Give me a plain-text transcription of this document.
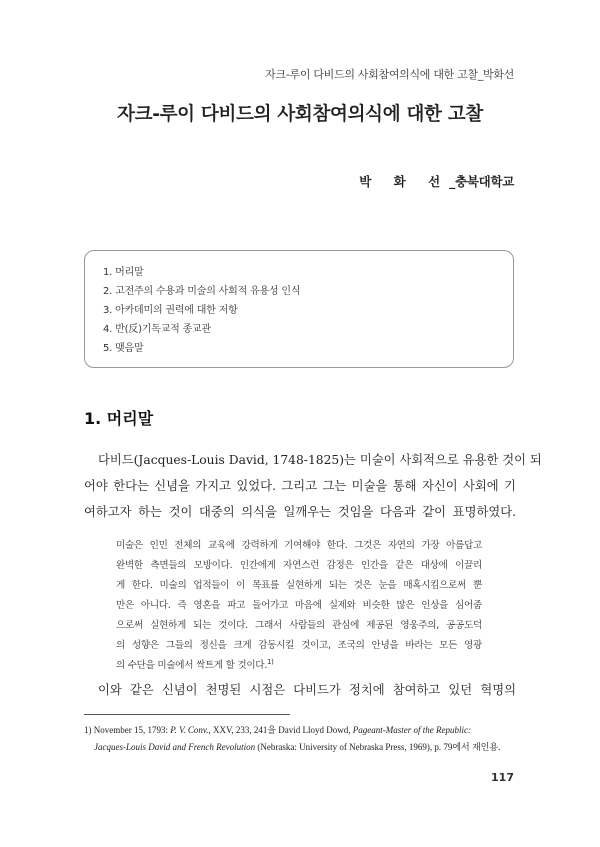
자크-루이 다비드의 사회참여의식에 대한 고찰_박화선
자크-루이 다비드의 사회참여의식에 대한 고찰
박 화 선_충북대학교
1. 머리말
2. 고전주의 수용과 미술의 사회적 유용성 인식
3. 아카데미의 권력에 대한 저항
4. 반(反)기독교적 종교관
5. 맺음말
1. 머리말
다비드(Jacques-Louis David, 1748-1825)는 미술이 사회적으로 유용한 것이 되
어야 한다는 신념을 가지고 있었다. 그리고 그는 미술을 통해 자신이 사회에 기
여하고자 하는 것이 대중의 의식을 일깨우는 것임을 다음과 같이 표명하였다.
미술은 인민 전체의 교육에 강력하게 기여해야 한다. 그것은 자연의 가장 아름답고
완벽한 측면들의 모방이다. 인간에게 자연스런 감정은 인간을 같은 대상에 이끌리
게 한다. 미술의 업적들이 이 목표를 실현하게 되는 것은 눈을 매혹시킴으로써 뿐
만은 아니다. 즉 영혼을 파고 들어가고 마음에 실제와 비슷한 많은 인상을 심어줌
으로써 실현하게 되는 것이다. 그래서 사람들의 관심에 제공된 영웅주의, 공공도덕
의 성향은 그들의 정신을 크게 감동시킬 것이고, 조국의 안녕을 바라는 모든 영광
의 수단을 미술에서 싹트게 할 것이다.$^{1)}$
이와 같은 신념이 천명된 시점은 다비드가 정치에 참여하고 있던 혁명의
1) November 15, 1793: P. V. Conv., XXV, 233, 241을 David Lloyd Dowd, Pageant-Master of the Republic:
Jacques-Louis David and French Revolution (Nebraska: University of Nebraska Press, 1969), p. 79에서 재인용.
117
